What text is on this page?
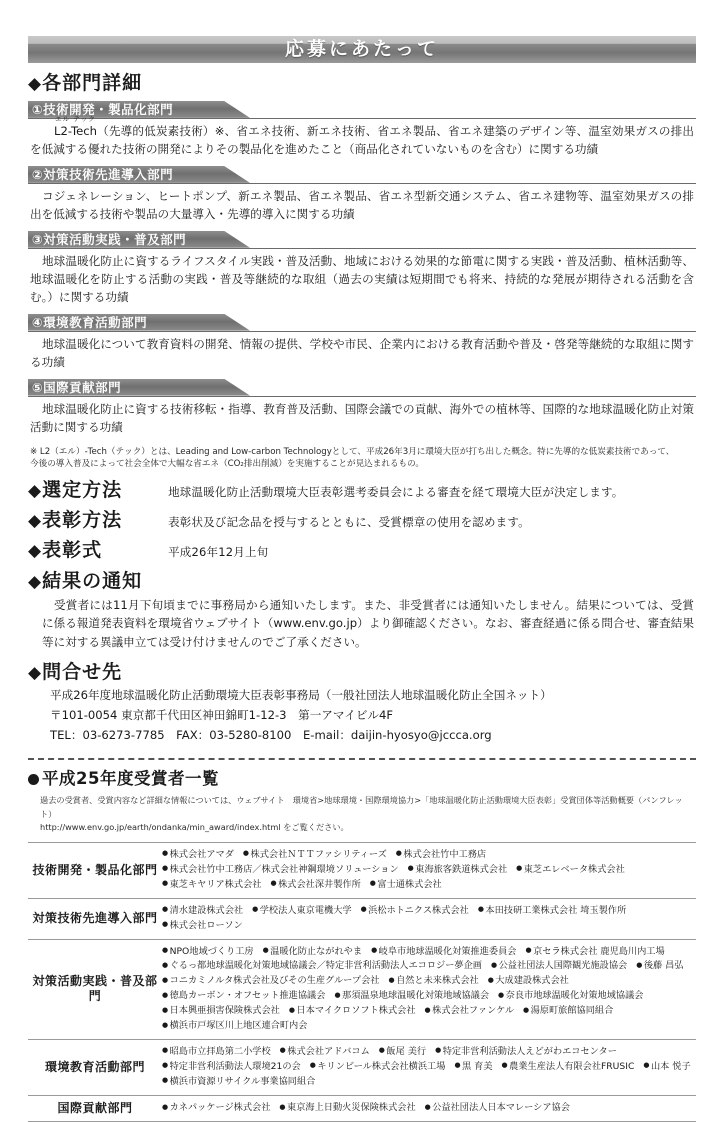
応募にあたって
◆ 各部門詳細
①技術開発・製品化部門
エル テック
L2-Tech（先導的低炭素技術）※、省エネ技術、新エネ技術、省エネ製品、省エネ建築のデザイン等、温室効果ガスの排出を低減する優れた技術の開発によりその製品化を進めたこと（商品化されていないものを含む）に関する功績
②対策技術先進導入部門
コジェネレーション、ヒートポンプ、新エネ製品、省エネ製品、省エネ型新交通システム、省エネ建物等、温室効果ガスの排出を低減する技術や製品の大量導入・先導的導入に関する功績
③対策活動実践・普及部門
地球温暖化防止に資するライフスタイル実践・普及活動、地域における効果的な節電に関する実践・普及活動、植林活動等、地球温暖化を防止する活動の実践・普及等継続的な取組（過去の実績は短期間でも将来、持続的な発展が期待される活動を含む。）に関する功績
④環境教育活動部門
地球温暖化について教育資料の開発、情報の提供、学校や市民、企業内における教育活動や普及・啓発等継続的な取組に関する功績
⑤国際貢献部門
地球温暖化防止に資する技術移転・指導、教育普及活動、国際会議での貢献、海外での植林等、国際的な地球温暖化防止対策活動に関する功績
※ L2（エル）-Tech（テック）とは、Leading and Low-carbon Technologyとして、平成26年3月に環境大臣が打ち出した概念。特に先導的な低炭素技術であって、
今後の導入普及によって社会全体で大幅な省エネ（CO₂排出削減）を実施することが見込まれるもの。
◆ 選定方法	地球温暖化防止活動環境大臣表彰選考委員会による審査を経て環境大臣が決定します。
◆ 表彰方法	表彰状及び記念品を授与するとともに、受賞標章の使用を認めます。
◆ 表彰式	平成26年12月上旬
◆ 結果の通知
受賞者には11月下旬頃までに事務局から通知いたします。また、非受賞者には通知いたしません。結果については、受賞に係る報道発表資料を環境省ウェブサイト（www.env.go.jp）より御確認ください。なお、審査経過に係る問合せ、審査結果等に対する異議申立ては受け付けませんのでご了承ください。
◆ 問合せ先
平成26年度地球温暖化防止活動環境大臣表彰事務局（一般社団法人地球温暖化防止全国ネット）
〒101-0054 東京都千代田区神田錦町1-12-3　第一アマイビル4F
TEL：03-6273-7785　FAX：03-5280-8100　E-mail：daijin-hyosyo@jccca.org
平成25年度受賞者一覧
過去の受賞者、受賞内容など詳細な情報については、ウェブサイト　環境省>地球環境・国際環境協力>「地球温暖化防止活動環境大臣表彰」受賞団体等活動概要（パンフレット）
http://www.env.go.jp/earth/ondanka/min_award/index.html をご覧ください。
技術開発・製品化部門	● 株式会社アマダ ● 株式会社ＮＴＴファシリティーズ ● 株式会社竹中工務店
● 株式会社竹中工務店／株式会社神鋼環境ソリューション ● 東海旅客鉄道株式会社 ● 東芝エレベータ株式会社
● 東芝キヤリア株式会社 ● 株式会社深井製作所 ● 富士通株式会社

対策技術先進導入部門	● 清水建設株式会社 ● 学校法人東京電機大学 ● 浜松ホトニクス株式会社 ● 本田技研工業株式会社 埼玉製作所
● 株式会社ローソン

対策活動実践・普及部門	
● NPO地域づくり工房 ● 温暖化防止ながれやま ● 岐阜市地球温暖化対策推進委員会 ● 京セラ株式会社 鹿児島川内工場
● ぐるっ都地球温暖化対策地域協議会／特定非営利活動法人エコロジー夢企画 ● 公益社団法人国際観光施設協会 ● 後藤 昌弘
● コニカミノルタ株式会社及びその生産グループ会社 ● 自然と未来株式会社 ● 大成建設株式会社
● 徳島カーボン・オフセット推進協議会 ● 那須温泉地球温暖化対策地域協議会 ● 奈良市地球温暖化対策地域協議会
● 日本興亜損害保険株式会社 ● 日本マイクロソフト株式会社 ● 株式会社ファンケル ● 湯原町旅館協同組合
● 横浜市戸塚区川上地区連合町内会

環境教育活動部門	● 昭島市立拝島第二小学校 ● 株式会社アドバコム ● 飯尾 美行 ● 特定非営利活動法人えどがわエコセンター
● 特定非営利活動法人環境21の会 ● キリンビール株式会社横浜工場 ● 黒 育美 ● 農業生産法人有限会社FRUSIC ● 山本 悦子
● 横浜市資源リサイクル事業協同組合

国際貢献部門	● カネパッケージ株式会社 ● 東京海上日動火災保険株式会社 ● 公益社団法人日本マレーシア協会
